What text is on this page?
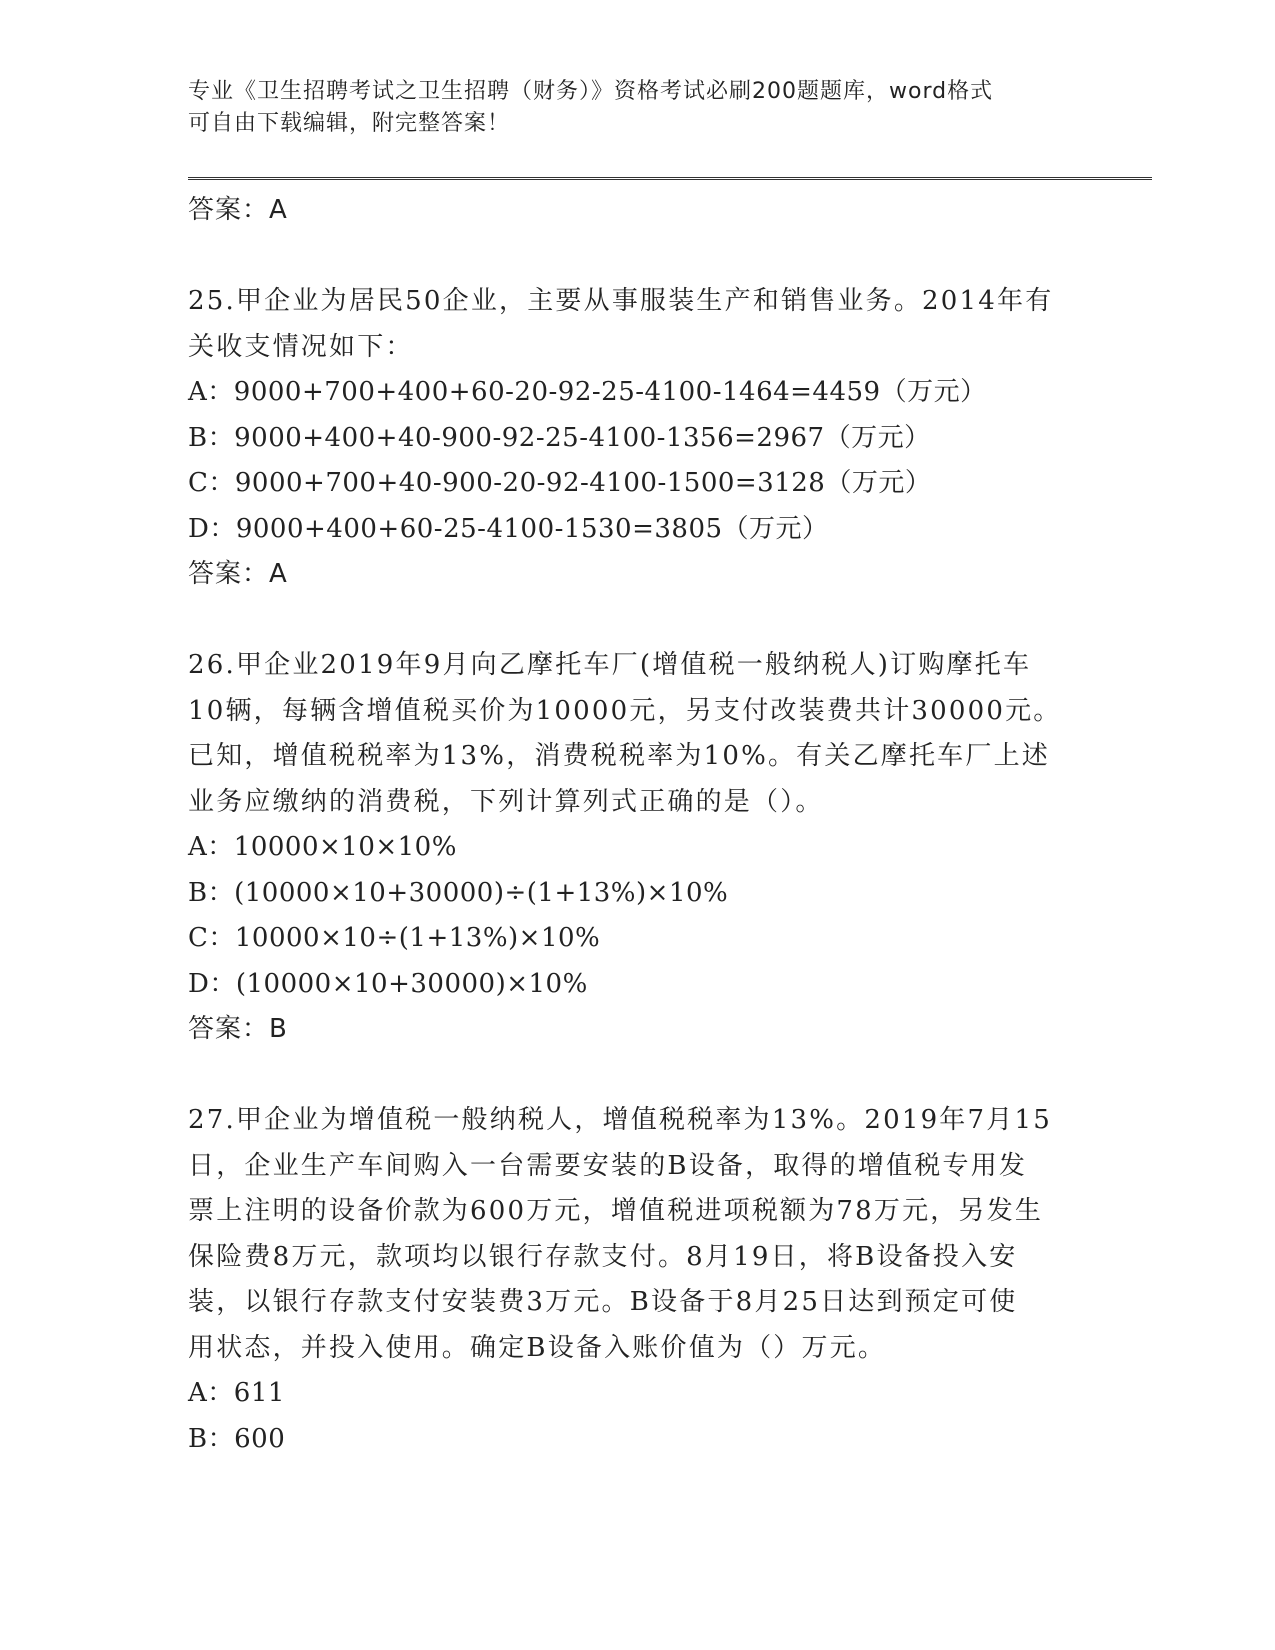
专业《卫生招聘考试之卫生招聘（财务）》资格考试必刷200题题库，word格式
可自由下载编辑，附完整答案！
答案：A
25.甲企业为居民50企业，主要从事服装生产和销售业务。2014年有
关收支情况如下：
A：9000+700+400+60-20-92-25-4100-1464=4459（万元）
B：9000+400+40-900-92-25-4100-1356=2967（万元）
C：9000+700+40-900-20-92-4100-1500=3128（万元）
D：9000+400+60-25-4100-1530=3805（万元）
答案：A
26.甲企业2019年9月向乙摩托车厂(增值税一般纳税人)订购摩托车
10辆，每辆含增值税买价为10000元，另支付改装费共计30000元。
已知，增值税税率为13%，消费税税率为10%。有关乙摩托车厂上述
业务应缴纳的消费税，下列计算列式正确的是（）。
A：10000×10×10%
B：(10000×10+30000)÷(1+13%)×10%
C：10000×10÷(1+13%)×10%
D：(10000×10+30000)×10%
答案：B
27.甲企业为增值税一般纳税人，增值税税率为13%。2019年7月15
日，企业生产车间购入一台需要安装的B设备，取得的增值税专用发
票上注明的设备价款为600万元，增值税进项税额为78万元，另发生
保险费8万元，款项均以银行存款支付。8月19日，将B设备投入安
装，以银行存款支付安装费3万元。B设备于8月25日达到预定可使
用状态，并投入使用。确定B设备入账价值为（）万元。
A：611
B：600
